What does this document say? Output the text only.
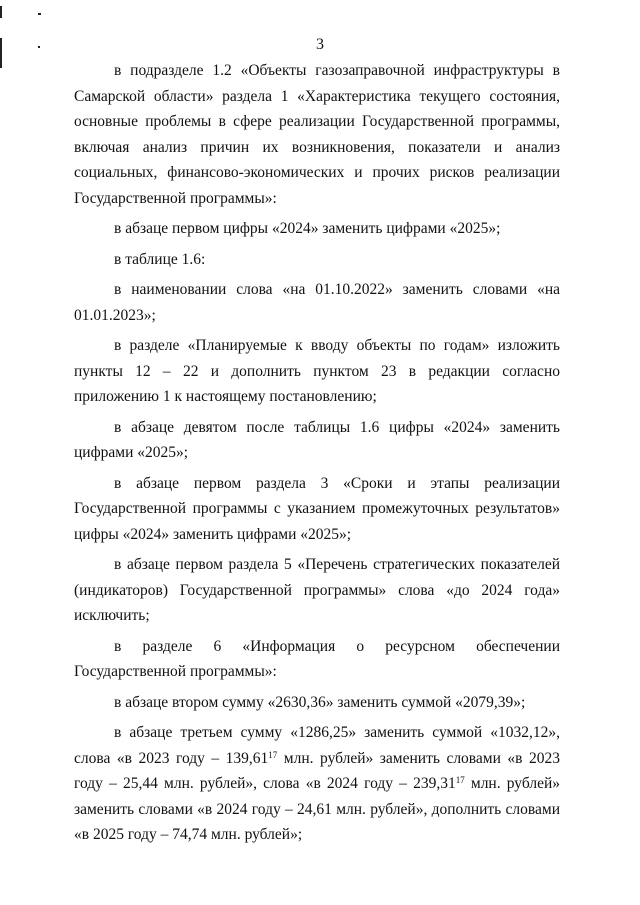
3

в подразделе 1.2 «Объекты газозаправочной инфраструктуры в Самарской области» раздела 1 «Характеристика текущего состояния, основные проблемы в сфере реализации Государственной программы, включая анализ причин их возникновения, показатели и анализ социальных, финансово-экономических и прочих рисков реализации Государственной программы»:

в абзаце первом цифры «2024» заменить цифрами «2025»;

в таблице 1.6:

в наименовании слова «на 01.10.2022» заменить словами «на 01.01.2023»;

в разделе «Планируемые к вводу объекты по годам» изложить пункты 12 – 22 и дополнить пунктом 23 в редакции согласно приложению 1 к настоящему постановлению;

в абзаце девятом после таблицы 1.6 цифры «2024» заменить цифрами «2025»;

в абзаце первом раздела 3 «Сроки и этапы реализации Государственной программы с указанием промежуточных результатов» цифры «2024» заменить цифрами «2025»;

в абзаце первом раздела 5 «Перечень стратегических показателей (индикаторов) Государственной программы» слова «до 2024 года» исключить;

в разделе 6 «Информация о ресурсном обеспечении Государственной программы»:

в абзаце втором сумму «2630,36» заменить суммой «2079,39»;

в абзаце третьем сумму «1286,25» заменить суммой «1032,12», слова «в 2023 году – 139,61$^{17}$ млн. рублей» заменить словами «в 2023 году – 25,44 млн. рублей», слова «в 2024 году – 239,31$^{17}$ млн. рублей» заменить словами «в 2024 году – 24,61 млн. рублей», дополнить словами «в 2025 году – 74,74 млн. рублей»;
